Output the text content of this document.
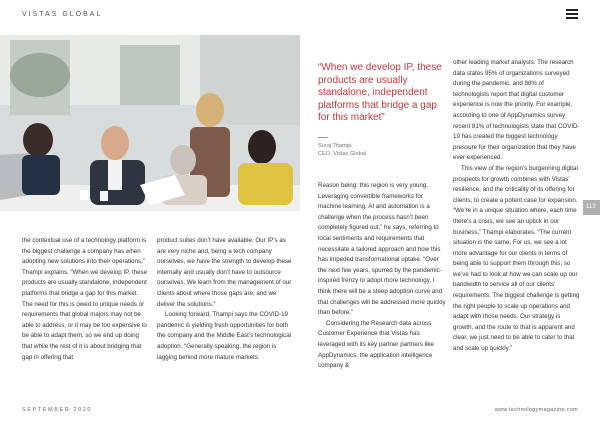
VISTAS GLOBAL

the contextual use of a technology platform is the biggest challenge a company has when adopting new solutions into their operations,” Thampi explains. “When we develop IP, these products are usually standalone, independent platforms that bridge a gap for this market. The need for this is owed to unique needs or requirements that global majors may not be able to address, or it may be too expensive to be able to adapt them, so we end up doing that while the rest of it is about bridging that gap in offering that

product suites don’t have available. Our IP’s as are very niche and, being a tech company ourselves, we have the strength to develop these internally and usually don’t have to outsource ourselves. We learn from the management of our clients about where those gaps are, and we deliver the solutions.”

Looking forward, Thampi says the COVID-19 pandemic is yielding fresh opportunities for both the company and the Middle East’s technological adoption. “Generally speaking, the region is lagging behind more mature markets.

“When we develop IP, these products are usually standalone, independent platforms that bridge a gap for this market”
Suraj Thampi,
CEO, Vistas Global

Reason being: this region is very young. Leveraging convertible frameworks for machine learning, AI and automation is a challenge when the process hasn’t been completely figured out,” he says, referring to local sentiments and requirements that necessitate a tailored approach and how this has impeded transformational uptake. “Over the next few years, spurred by the pandemic-inspired frenzy to adopt more technology, I think there will be a steep adoption curve and that challenges will be addressed more quickly than before.”

Considering the Research data across Customer Experience that Vistas has leveraged with its key partner partners like AppDynamics, the application intelligence company &

other leading market analysts. The research data states 95% of organizations surveyed during the pandemic, and 88% of technologists report that digital customer experience is now the priority. For example, according to one of AppDynamics survey recent 81% of technologists state that COVID-19 has created the biggest technology pressure for their organization that they have ever experienced.

This view of the region’s burgeoning digital prospects for growth combines with Vistas’ resilience, and the criticality of its offering for clients, to create a potent case for expansion. “We’re in a unique situation where, each time there’s a crisis, we see an uptick in our business,” Thampi elaborates. “The current situation is the same. For us, we see a lot more advantage for our clients in terms of being able to support them through this, so we’ve had to look at how we can scale up our bandwidth to service all of our clients’ requirements. The biggest challenge is getting the right people to scale up operations and adapt with those needs. Our strategy is growth, and the route to that is apparent and clear, we just need to be able to cater to that and scale up quickly.”

113
SEPTEMBER 2020	www.technologymagazine.com
